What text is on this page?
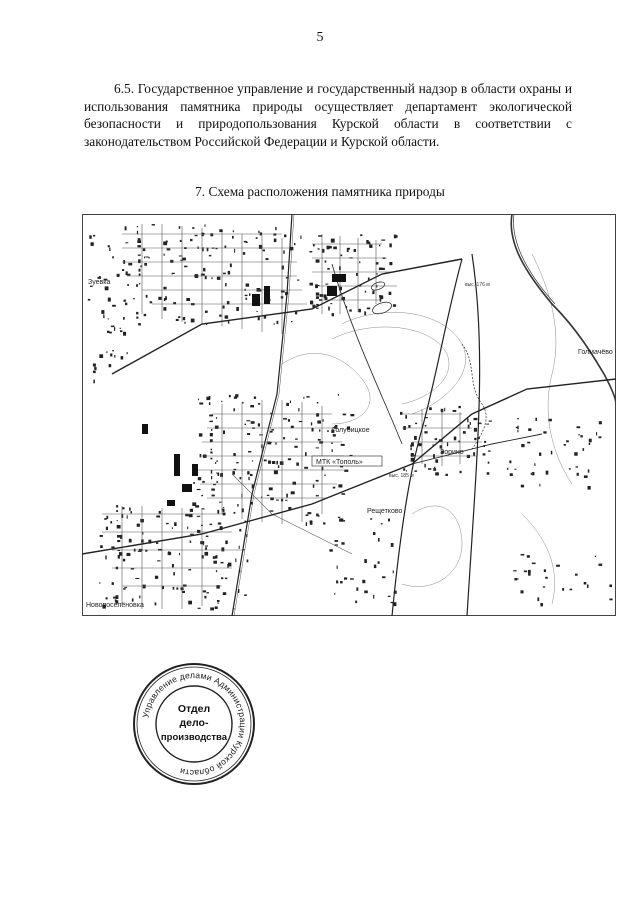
5
6.5. Государственное управление и государственный надзор в области охраны и использования памятника природы осуществляет департамент экологической безопасности и природопользования Курской области в соответствии с законодательством Российской Федерации и Курской области.
7. Схема расположения памятника природы
Зуевка
Голубицкое
Зорино
Рещетково
Голмачёво
Новопоселёновка
МТК «Тополь»
выс. 176 м
выс. 185 м
Управление делами Администрации Курской области
Отдел
дело-
производства
